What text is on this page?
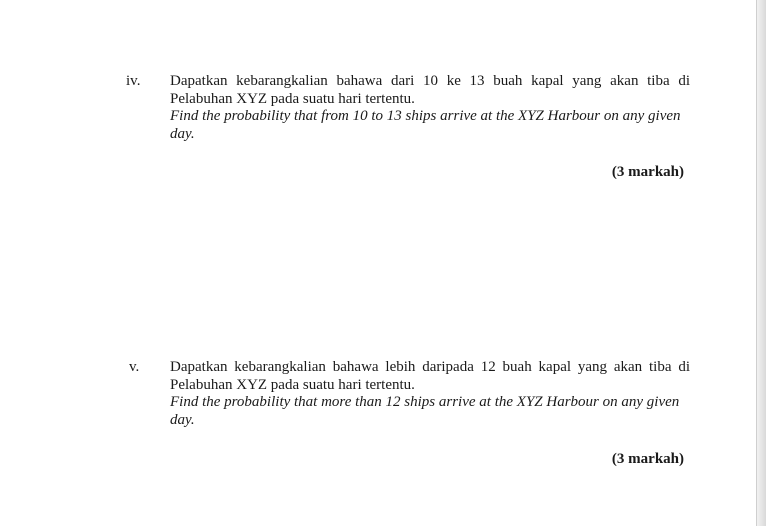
iv. Dapatkan kebarangkalian bahawa dari 10 ke 13 buah kapal yang akan tiba di Pelabuhan XYZ pada suatu hari tertentu.

Find the probability that from 10 to 13 ships arrive at the XYZ Harbour on any given day.

(3 markah)
v. Dapatkan kebarangkalian bahawa lebih daripada 12 buah kapal yang akan tiba di Pelabuhan XYZ pada suatu hari tertentu.

Find the probability that more than 12 ships arrive at the XYZ Harbour on any given day.

(3 markah)
